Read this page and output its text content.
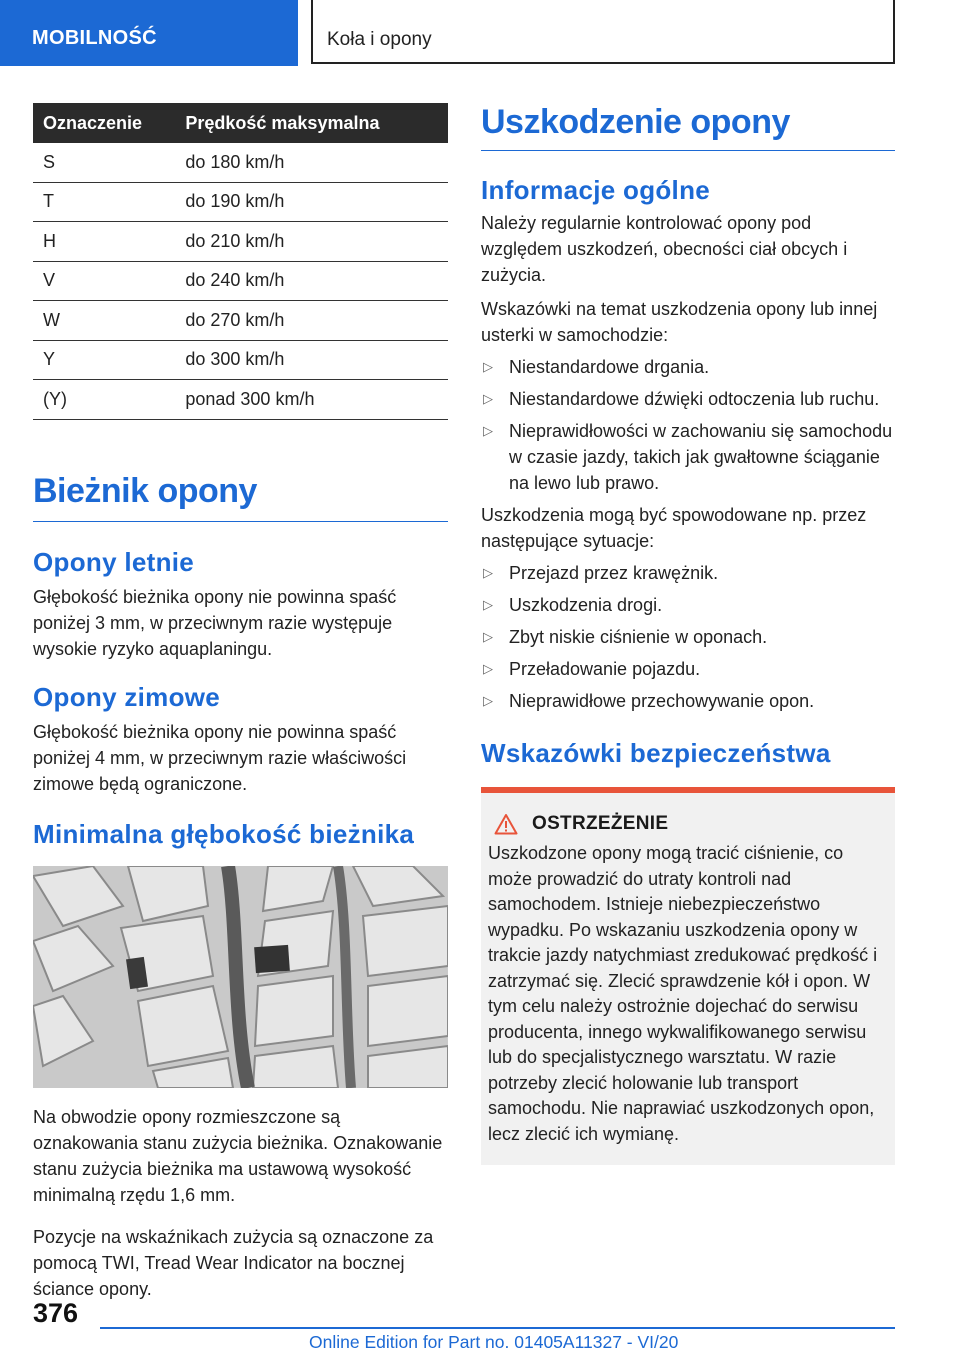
MOBILNOŚĆ	Koła i opony
Oznaczenie	Prędkość maksymalna
S	do 180 km/h
T	do 190 km/h
H	do 210 km/h
V	do 240 km/h
W	do 270 km/h
Y	do 300 km/h
(Y)	ponad 300 km/h
Bieżnik opony
Opony letnie

Głębokość bieżnika opony nie powinna spaść poniżej 3 mm, w przeciwnym razie występuje wysokie ryzyko aquaplaningu.

Opony zimowe

Głębokość bieżnika opony nie powinna spaść poniżej 4 mm, w przeciwnym razie właściwości zimowe będą ograniczone.

Minimalna głębokość bieżnika

Na obwodzie opony rozmieszczone są oznakowania stanu zużycia bieżnika. Oznakowanie stanu zużycia bieżnika ma ustawową wysokość minimalną rzędu 1,6 mm.

Pozycje na wskaźnikach zużycia są oznaczone za pomocą TWI, Tread Wear Indicator na bocznej ściance opony.

Uszkodzenie opony
Informacje ogólne

Należy regularnie kontrolować opony pod względem uszkodzeń, obecności ciał obcych i zużycia.

Wskazówki na temat uszkodzenia opony lub innej usterki w samochodzie:

▷ Niestandardowe drgania.
▷ Niestandardowe dźwięki odtoczenia lub ruchu.
▷ Nieprawidłowości w zachowaniu się samochodu w czasie jazdy, takich jak gwałtowne ściąganie na lewo lub prawo.

Uszkodzenia mogą być spowodowane np. przez następujące sytuacje:

▷ Przejazd przez krawężnik.
▷ Uszkodzenia drogi.
▷ Zbyt niskie ciśnienie w oponach.
▷ Przeładowanie pojazdu.
▷ Nieprawidłowe przechowywanie opon.
Wskazówki bezpieczeństwa
OSTRZEŻENIE

Uszkodzone opony mogą tracić ciśnienie, co może prowadzić do utraty kontroli nad samochodem. Istnieje niebezpieczeństwo wypadku. Po wskazaniu uszkodzenia opony w trakcie jazdy natychmiast zredukować prędkość i zatrzymać się. Zlecić sprawdzenie kół i opon. W tym celu należy ostrożnie dojechać do serwisu producenta, innego wykwalifikowanego serwisu lub do specjalistycznego warsztatu. W razie potrzeby zlecić holowanie lub transport samochodu. Nie naprawiać uszkodzonych opon, lecz zlecić ich wymianę.

376
Online Edition for Part no. 01405A11327 - VI/20
